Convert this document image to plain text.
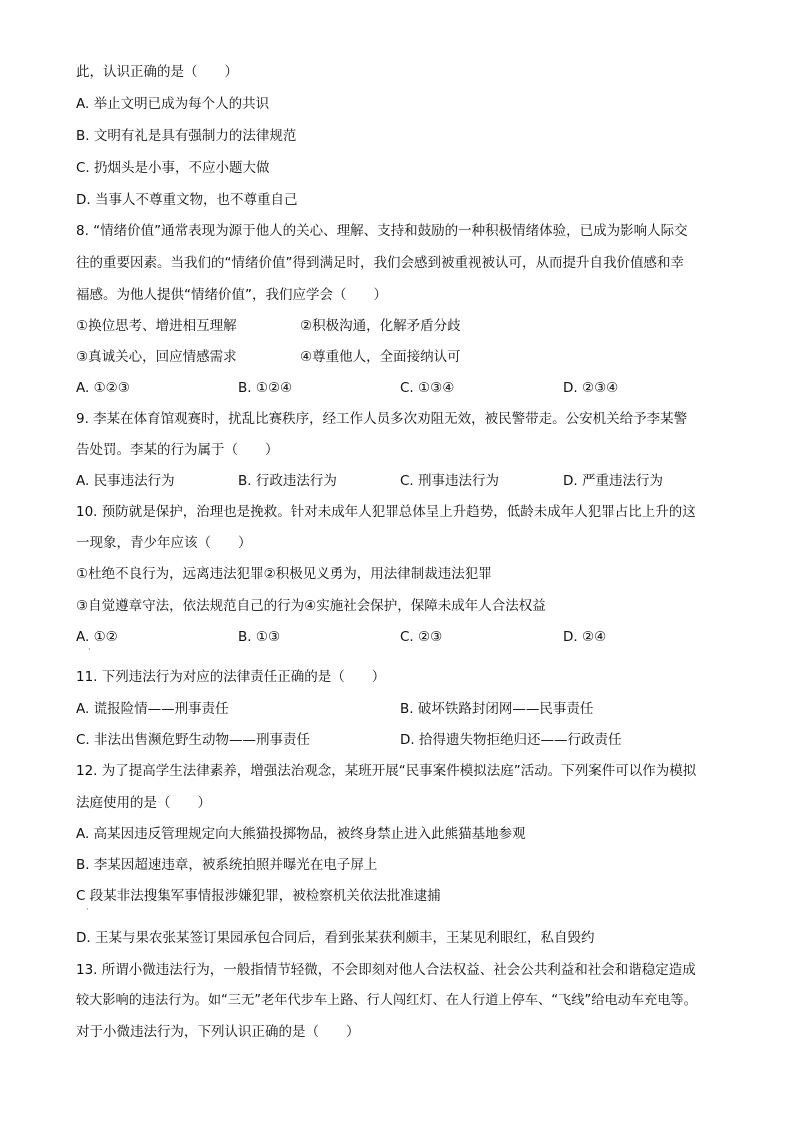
此，认识正确的是（　　）
A. 举止文明已成为每个人的共识
B. 文明有礼是具有强制力的法律规范
C. 扔烟头是小事，不应小题大做
D. 当事人不尊重文物，也不尊重自己
8. “情绪价值”通常表现为源于他人的关心、理解、支持和鼓励的一种积极情绪体验，已成为影响人际交
往的重要因素。当我们的“情绪价值”得到满足时，我们会感到被重视被认可，从而提升自我价值感和幸
福感。为他人提供“情绪价值”，我们应学会（　　）
①换位思考、增进相互理解	②积极沟通，化解矛盾分歧
③真诚关心，回应情感需求	④尊重他人，全面接纳认可
A. ①②③	B. ①②④	C. ①③④	D. ②③④
9. 李某在体育馆观赛时，扰乱比赛秩序，经工作人员多次劝阻无效，被民警带走。公安机关给予李某警
告处罚。李某的行为属于（　　）
A. 民事违法行为	B. 行政违法行为	C. 刑事违法行为	D. 严重违法行为
10. 预防就是保护，治理也是挽救。针对未成年人犯罪总体呈上升趋势，低龄未成年人犯罪占比上升的这
一现象，青少年应该（　　）
①杜绝不良行为，远离违法犯罪②积极见义勇为，用法律制裁违法犯罪
③自觉遵章守法，依法规范自己的行为④实施社会保护，保障未成年人合法权益
A. ①②	B. ①③	C. ②③	D. ②④
·
11. 下列违法行为对应的法律责任正确的是（　　）
A. 谎报险情——刑事责任	B. 破坏铁路封闭网——民事责任
C. 非法出售濒危野生动物——刑事责任	D. 拾得遗失物拒绝归还——行政责任
12. 为了提高学生法律素养，增强法治观念，某班开展“民事案件模拟法庭”活动。下列案件可以作为模拟
法庭使用的是（　　）
A. 高某因违反管理规定向大熊猫投掷物品，被终身禁止进入此熊猫基地参观
B. 李某因超速违章，被系统拍照并曝光在电子屏上
C 段某非法搜集军事情报涉嫌犯罪，被检察机关依法批准逮捕
·
D. 王某与果农张某签订果园承包合同后，看到张某获利颇丰，王某见利眼红，私自毁约
13. 所谓小微违法行为，一般指情节轻微，不会即刻对他人合法权益、社会公共利益和社会和谐稳定造成
较大影响的违法行为。如“三无”老年代步车上路、行人闯红灯、在人行道上停车、“飞线”给电动车充电等。
对于小微违法行为，下列认识正确的是（　　）
